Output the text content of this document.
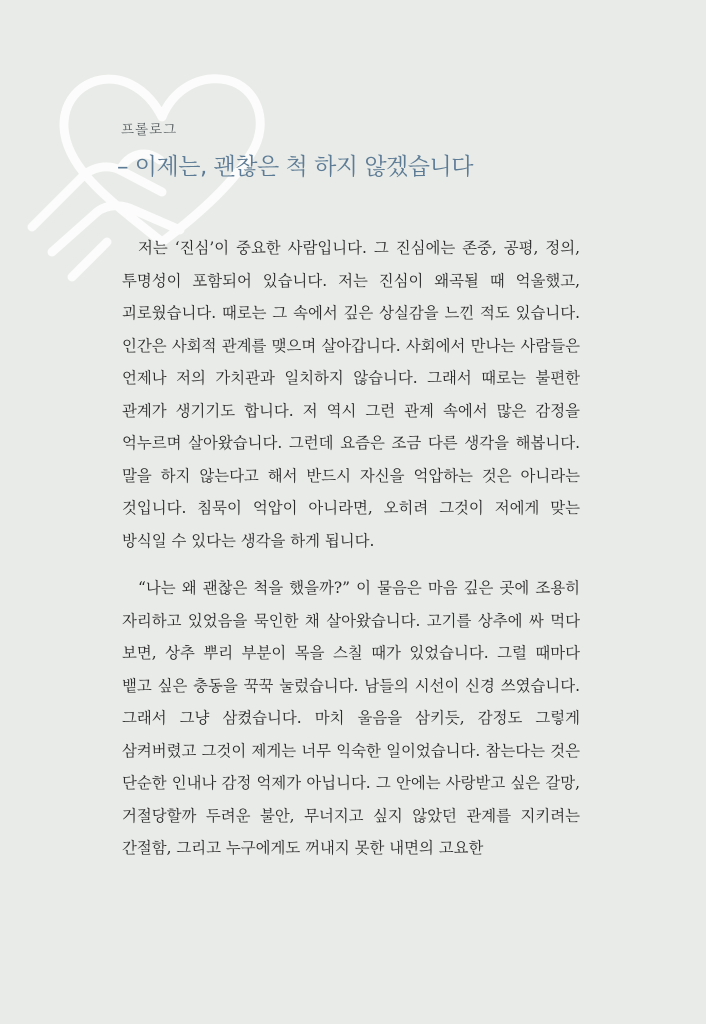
프롤로그
– 이제는, 괜찮은 척 하지 않겠습니다

저는 ‘진심’이 중요한 사람입니다. 그 진심에는 존중, 공평, 정의, 투명성이 포함되어 있습니다. 저는 진심이 왜곡될 때 억울했고, 괴로웠습니다. 때로는 그 속에서 깊은 상실감을 느낀 적도 있습니다. 인간은 사회적 관계를 맺으며 살아갑니다. 사회에서 만나는 사람들은 언제나 저의 가치관과 일치하지 않습니다. 그래서 때로는 불편한 관계가 생기기도 합니다. 저 역시 그런 관계 속에서 많은 감정을 억누르며 살아왔습니다. 그런데 요즘은 조금 다른 생각을 해봅니다. 말을 하지 않는다고 해서 반드시 자신을 억압하는 것은 아니라는 것입니다. 침묵이 억압이 아니라면, 오히려 그것이 저에게 맞는 방식일 수 있다는 생각을 하게 됩니다.

“나는 왜 괜찮은 척을 했을까?” 이 물음은 마음 깊은 곳에 조용히 자리하고 있었음을 묵인한 채 살아왔습니다. 고기를 상추에 싸 먹다 보면, 상추 뿌리 부분이 목을 스칠 때가 있었습니다. 그럴 때마다 뱉고 싶은 충동을 꾹꾹 눌렀습니다. 남들의 시선이 신경 쓰였습니다. 그래서 그냥 삼켰습니다. 마치 울음을 삼키듯, 감정도 그렇게 삼켜버렸고 그것이 제게는 너무 익숙한 일이었습니다. 참는다는 것은 단순한 인내나 감정 억제가 아닙니다. 그 안에는 사랑받고 싶은 갈망, 거절당할까 두려운 불안, 무너지고 싶지 않았던 관계를 지키려는 간절함, 그리고 누구에게도 꺼내지 못한 내면의 고요한
